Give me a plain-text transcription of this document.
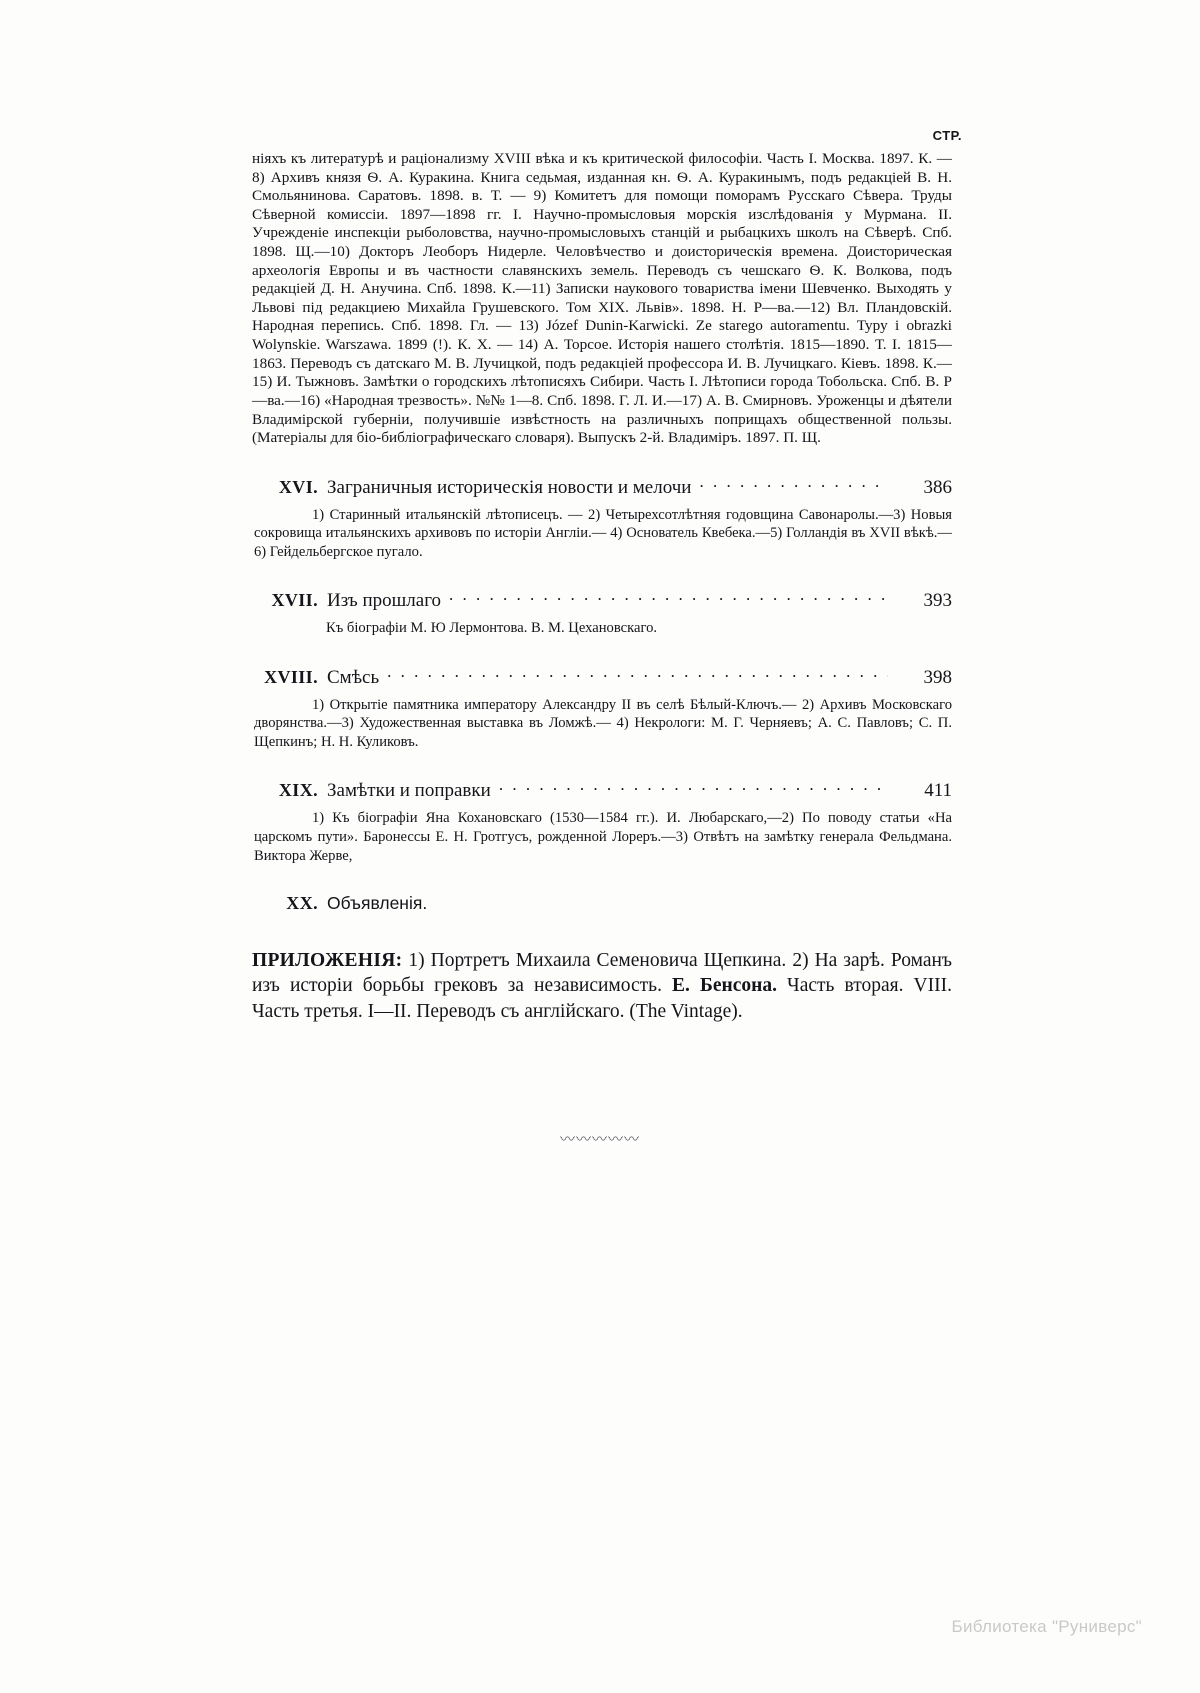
СТР.
ніяхъ къ литературѣ и раціонализму XVIII вѣка и къ критической философіи. Часть I. Москва. 1897. К. — 8) Архивъ князя Ѳ. А. Куракина. Книга седьмая, изданная кн. Ѳ. А. Куракинымъ, подъ редакціей В. Н. Смольянинова. Саратовъ. 1898. в. Т. — 9) Комитетъ для помощи поморамъ Русскаго Сѣвера. Труды Сѣверной комиссіи. 1897—1898 гг. I. Научно-промысловыя морскія изслѣдованія у Мурмана. II. Учрежденіе инспекціи рыболовства, научно-промысловыхъ станцій и рыбацкихъ школъ на Сѣверѣ. Спб. 1898. Щ.—10) Докторъ Леоборъ Нидерле. Человѣчество и доисторическія времена. Доисторическая археологія Европы и въ частности славянскихъ земель. Переводъ съ чешскаго Ѳ. К. Волкова, подъ редакціей Д. Н. Анучина. Спб. 1898. К.—11) Записки наукового товариства імени Шевченко. Выходять у Львові під редакциею Михайла Грушевского. Том XIX. Львів». 1898. Н. Р—ва.—12) Вл. Пландовскій. Народная перепись. Спб. 1898. Гл. — 13) Józef Dunin-Karwicki. Ze starego autoramentu. Typy i obrazki Wolynskie. Warszawa. 1899 (!). К. Х. — 14) А. Торсое. Исторія нашего столѣтія. 1815—1890. Т. I. 1815—1863. Переводъ съ датскаго М. В. Лучицкой, подъ редакціей профессора И. В. Лучицкаго. Кіевъ. 1898. К.— 15) И. Тыжновъ. Замѣтки о городскихъ лѣтописяхъ Сибири. Часть I. Лѣтописи города Тобольска. Спб. В. Р—ва.—16) «Народная трезвость». №№ 1—8. Спб. 1898. Г. Л. И.—17) А. В. Смирновъ. Уроженцы и дѣятели Владимірской губерніи, получившіе извѣстность на различныхъ поприщахъ общественной пользы. (Матеріалы для біо-библіографическаго словаря). Выпускъ 2-й. Владиміръ. 1897. П. Щ.
XVI. Заграничныя историческія новости и мелочи . . .	386
1) Старинный итальянскій лѣтописецъ. — 2) Четырехсотлѣтняя годовщина Савонаролы.—3) Новыя сокровища итальянскихъ архивовъ по исторіи Англіи.— 4) Основатель Квебека.—5) Голландія въ XVII вѣкѣ.—6) Гейдельбергское пугало.
XVII. Изъ прошлаго . . .	393
Къ біографіи М. Ю Лермонтова. В. М. Цехановскаго.
XVIII. Смѣсь . . .	398
1) Открытіе памятника императору Александру II въ селѣ Бѣлый-Ключъ.— 2) Архивъ Московскаго дворянства.—3) Художественная выставка въ Ломжѣ.— 4) Некрологи: М. Г. Черняевъ; А. С. Павловъ; С. П. Щепкинъ; Н. Н. Куликовъ.
XIX. Замѣтки и поправки . . .	411
1) Къ біографіи Яна Кохановскаго (1530—1584 гг.). И. Любарскаго,—2) По поводу статьи «На царскомъ пути». Баронессы Е. Н. Гротгусъ, рожденной Лореръ.—3) Отвѣтъ на замѣтку генерала Фельдмана. Виктора Жерве,
XX. Объявленія.
ПРИЛОЖЕНІЯ: 1) Портретъ Михаила Семеновича Щепкина. 2) На зарѣ. Романъ изъ исторіи борьбы грековъ за независимость. Е. Бенсона. Часть вторая. VIII. Часть третья. I—II. Переводъ съ англійскаго. (The Vintage).
〰〰〰〰〰
Библиотека "Руниверс"
